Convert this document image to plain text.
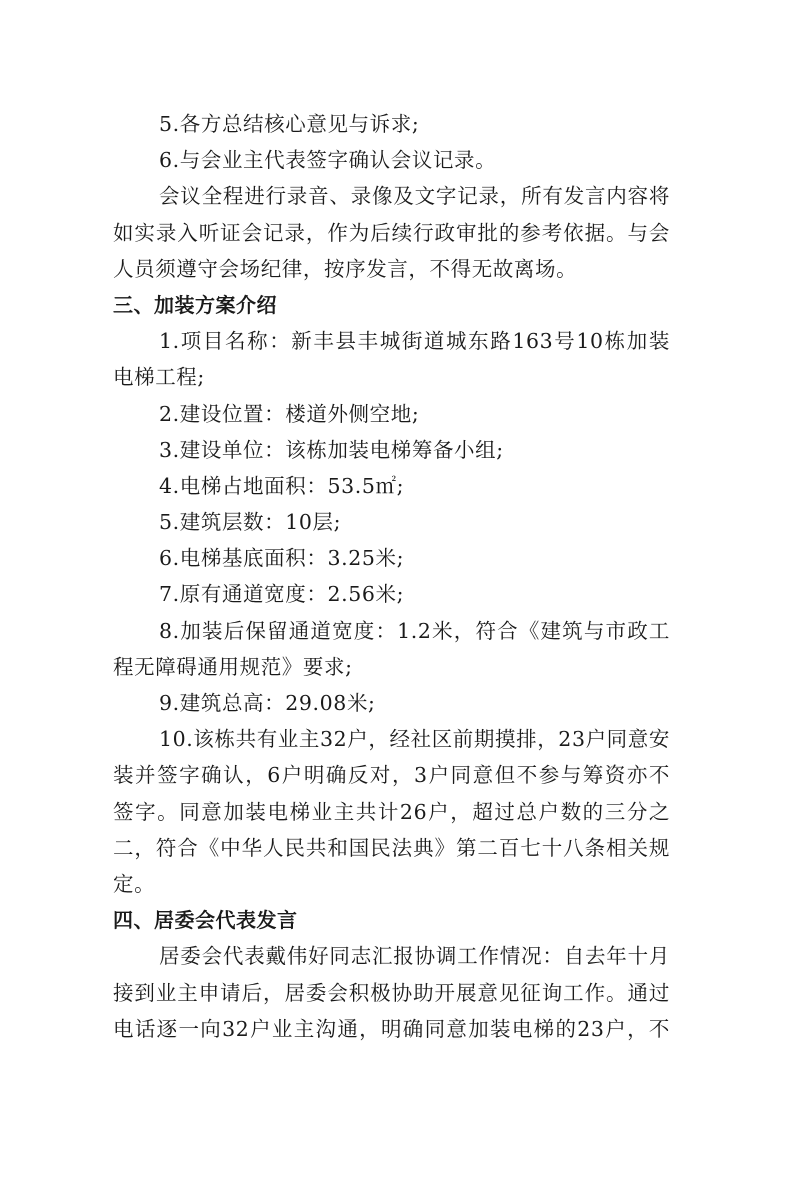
5.各方总结核心意见与诉求;
6.与会业主代表签字确认会议记录。
会议全程进行录音、录像及文字记录，所有发言内容将
如实录入听证会记录，作为后续行政审批的参考依据。与会
人员须遵守会场纪律，按序发言，不得无故离场。
三、加装方案介绍
1.项目名称：新丰县丰城街道城东路163号10栋加装
电梯工程;
2.建设位置：楼道外侧空地;
3.建设单位：该栋加装电梯筹备小组;
4.电梯占地面积：53.5㎡;
5.建筑层数：10层;
6.电梯基底面积：3.25米;
7.原有通道宽度：2.56米;
8.加装后保留通道宽度：1.2米，符合《建筑与市政工
程无障碍通用规范》要求;
9.建筑总高：29.08米;
10.该栋共有业主32户，经社区前期摸排，23户同意安
装并签字确认，6户明确反对，3户同意但不参与筹资亦不
签字。同意加装电梯业主共计26户，超过总户数的三分之
二，符合《中华人民共和国民法典》第二百七十八条相关规
定。
四、居委会代表发言
居委会代表戴伟好同志汇报协调工作情况：自去年十月
接到业主申请后，居委会积极协助开展意见征询工作。通过
电话逐一向32户业主沟通，明确同意加装电梯的23户，不
